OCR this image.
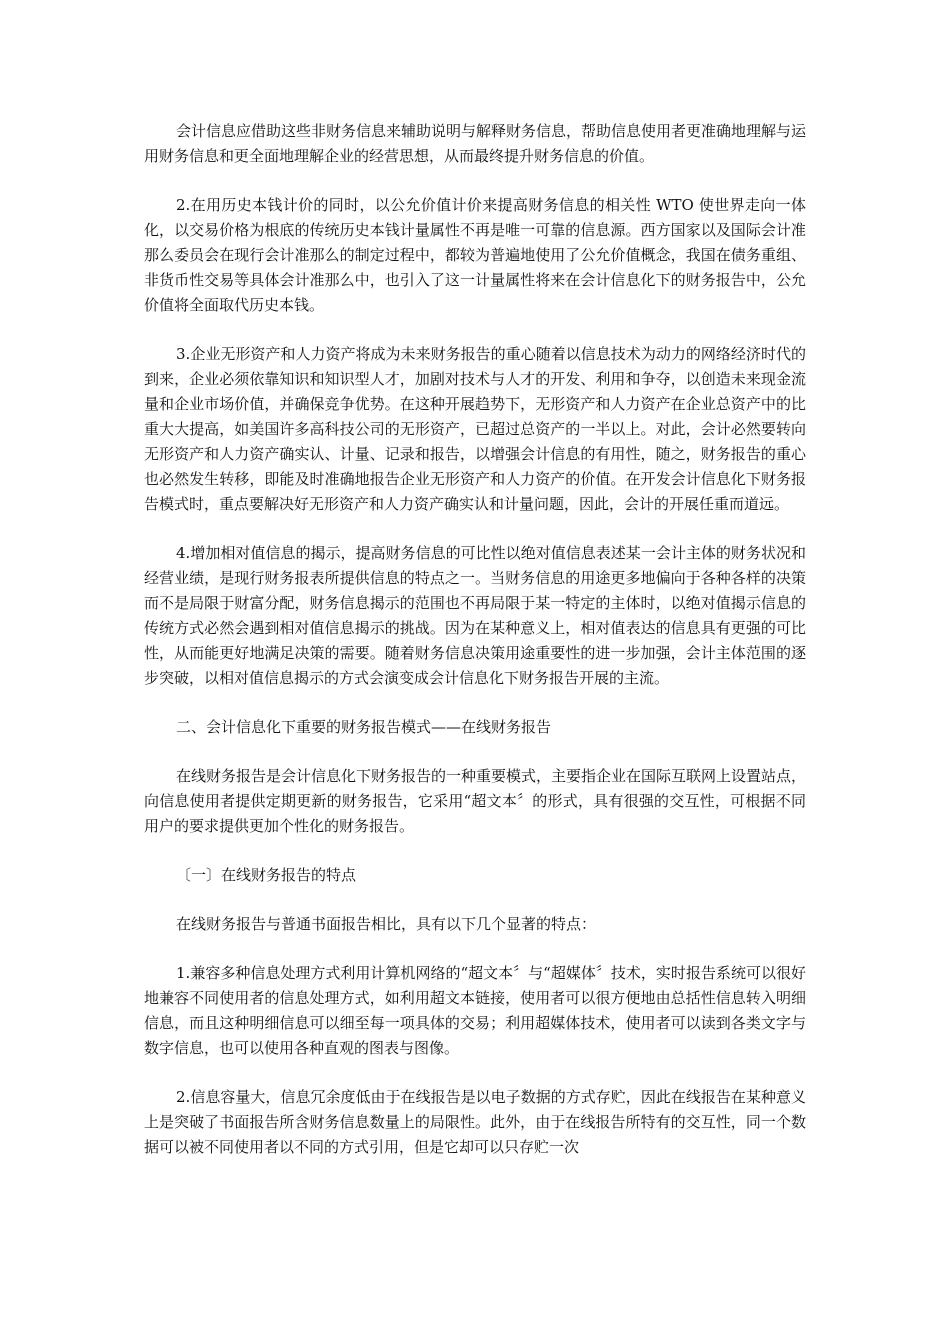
会计信息应借助这些非财务信息来辅助说明与解释财务信息，帮助信息使用者更准确地理解与运用财务信息和更全面地理解企业的经营思想，从而最终提升财务信息的价值。

2.在用历史本钱计价的同时，以公允价值计价来提高财务信息的相关性 WTO 使世界走向一体化，以交易价格为根底的传统历史本钱计量属性不再是唯一可靠的信息源。西方国家以及国际会计准那么委员会在现行会计准那么的制定过程中，都较为普遍地使用了公允价值概念，我国在债务重组、非货币性交易等具体会计准那么中，也引入了这一计量属性将来在会计信息化下的财务报告中，公允价值将全面取代历史本钱。

3.企业无形资产和人力资产将成为未来财务报告的重心随着以信息技术为动力的网络经济时代的到来，企业必须依靠知识和知识型人才，加剧对技术与人才的开发、利用和争夺，以创造未来现金流量和企业市场价值，并确保竞争优势。在这种开展趋势下，无形资产和人力资产在企业总资产中的比重大大提高，如美国许多高科技公司的无形资产，已超过总资产的一半以上。对此，会计必然要转向无形资产和人力资产确实认、计量、记录和报告，以增强会计信息的有用性，随之，财务报告的重心也必然发生转移，即能及时准确地报告企业无形资产和人力资产的价值。在开发会计信息化下财务报告模式时，重点要解决好无形资产和人力资产确实认和计量问题，因此，会计的开展任重而道远。

4.增加相对值信息的揭示，提高财务信息的可比性以绝对值信息表述某一会计主体的财务状况和经营业绩，是现行财务报表所提供信息的特点之一。当财务信息的用途更多地偏向于各种各样的决策而不是局限于财富分配，财务信息揭示的范围也不再局限于某一特定的主体时，以绝对值揭示信息的传统方式必然会遇到相对值信息揭示的挑战。因为在某种意义上，相对值表达的信息具有更强的可比性，从而能更好地满足决策的需要。随着财务信息决策用途重要性的进一步加强，会计主体范围的逐步突破，以相对值信息揭示的方式会演变成会计信息化下财务报告开展的主流。

二、会计信息化下重要的财务报告模式——在线财务报告

在线财务报告是会计信息化下财务报告的一种重要模式，主要指企业在国际互联网上设置站点，向信息使用者提供定期更新的财务报告，它采用“超文本〞的形式，具有很强的交互性，可根据不同用户的要求提供更加个性化的财务报告。

〔一〕在线财务报告的特点

在线财务报告与普通书面报告相比，具有以下几个显著的特点：

1.兼容多种信息处理方式利用计算机网络的“超文本〞与“超媒体〞技术，实时报告系统可以很好地兼容不同使用者的信息处理方式，如利用超文本链接，使用者可以很方便地由总括性信息转入明细信息，而且这种明细信息可以细至每一项具体的交易；利用超媒体技术，使用者可以读到各类文字与数字信息，也可以使用各种直观的图表与图像。

2.信息容量大，信息冗余度低由于在线报告是以电子数据的方式存贮，因此在线报告在某种意义上是突破了书面报告所含财务信息数量上的局限性。此外，由于在线报告所特有的交互性，同一个数据可以被不同使用者以不同的方式引用，但是它却可以只存贮一次
